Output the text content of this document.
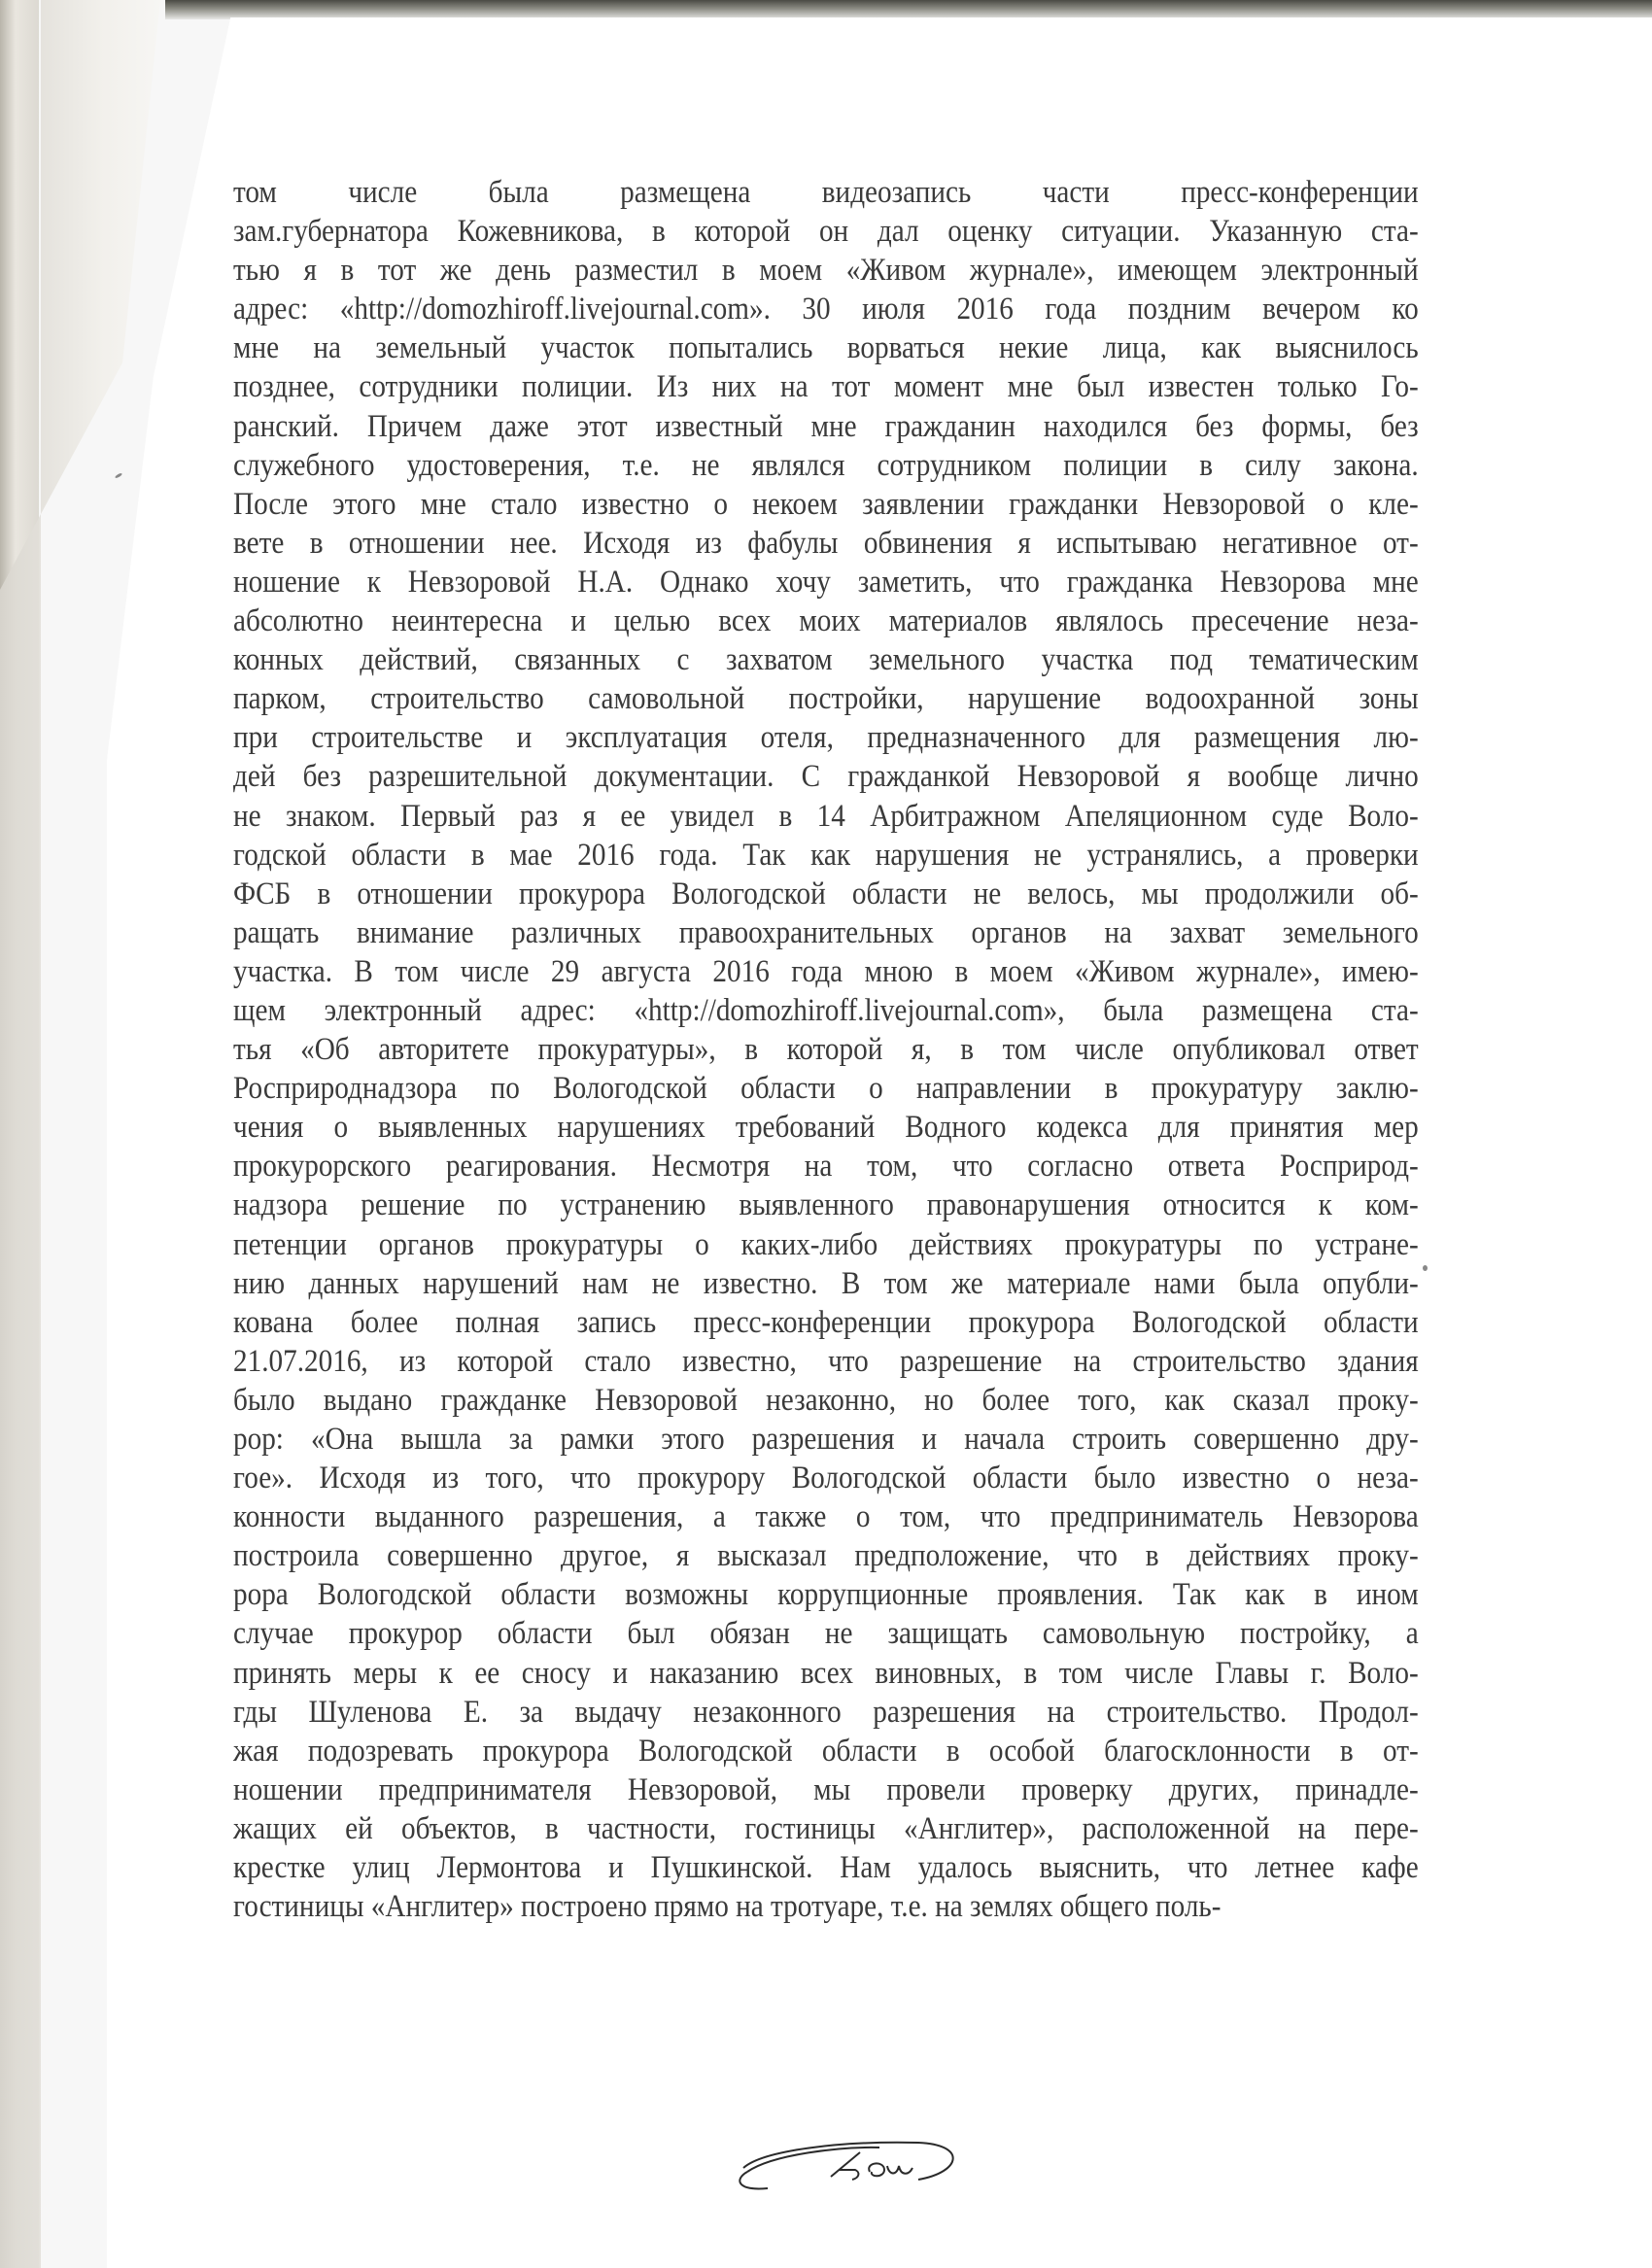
том числе была размещена видеозапись части пресс-конференции
зам.губернатора Кожевникова, в которой он дал оценку ситуации. Указанную ста-
тью я в тот же день разместил в моем «Живом журнале», имеющем электронный
адрес: «http://domozhiroff.livejournal.com». 30 июля 2016 года поздним вечером ко
мне на земельный участок попытались ворваться некие лица, как выяснилось
позднее, сотрудники полиции. Из них на тот момент мне был известен только Го-
ранский. Причем даже этот известный мне гражданин находился без формы, без
служебного удостоверения, т.е. не являлся сотрудником полиции в силу закона.
После этого мне стало известно о некоем заявлении гражданки Невзоровой о кле-
вете в отношении нее. Исходя из фабулы обвинения я испытываю негативное от-
ношение к Невзоровой Н.А. Однако хочу заметить, что гражданка Невзорова мне
абсолютно неинтересна и целью всех моих материалов являлось пресечение неза-
конных действий, связанных с захватом земельного участка под тематическим
парком, строительство самовольной постройки, нарушение водоохранной зоны
при строительстве и эксплуатация отеля, предназначенного для размещения лю-
дей без разрешительной документации. С гражданкой Невзоровой я вообще лично
не знаком. Первый раз я ее увидел в 14 Арбитражном Апеляционном суде Воло-
годской области в мае 2016 года. Так как нарушения не устранялись, а проверки
ФСБ в отношении прокурора Вологодской области не велось, мы продолжили об-
ращать внимание различных правоохранительных органов на захват земельного
участка. В том числе 29 августа 2016 года мною в моем «Живом журнале», имею-
щем электронный адрес: «http://domozhiroff.livejournal.com», была размещена ста-
тья «Об авторитете прокуратуры», в которой я, в том числе опубликовал ответ
Росприроднадзора по Вологодской области о направлении в прокуратуру заклю-
чения о выявленных нарушениях требований Водного кодекса для принятия мер
прокурорского реагирования. Несмотря на том, что согласно ответа Росприрод-
надзора решение по устранению выявленного правонарушения относится к ком-
петенции органов прокуратуры о каких-либо действиях прокуратуры по устране-
нию данных нарушений нам не известно. В том же материале нами была опубли-
кована более полная запись пресс-конференции прокурора Вологодской области
21.07.2016, из которой стало известно, что разрешение на строительство здания
было выдано гражданке Невзоровой незаконно, но более того, как сказал проку-
рор: «Она вышла за рамки этого разрешения и начала строить совершенно дру-
гое». Исходя из того, что прокурору Вологодской области было известно о неза-
конности выданного разрешения, а также о том, что предприниматель Невзорова
построила совершенно другое, я высказал предположение, что в действиях проку-
рора Вологодской области возможны коррупционные проявления. Так как в ином
случае прокурор области был обязан не защищать самовольную постройку, а
принять меры к ее сносу и наказанию всех виновных, в том числе Главы г. Воло-
гды Шуленова Е. за выдачу незаконного разрешения на строительство. Продол-
жая подозревать прокурора Вологодской области в особой благосклонности в от-
ношении предпринимателя Невзоровой, мы провели проверку других, принадле-
жащих ей объектов, в частности, гостиницы «Англитер», расположенной на пере-
крестке улиц Лермонтова и Пушкинской. Нам удалось выяснить, что летнее кафе
гостиницы «Англитер» построено прямо на тротуаре, т.е. на землях общего поль-
